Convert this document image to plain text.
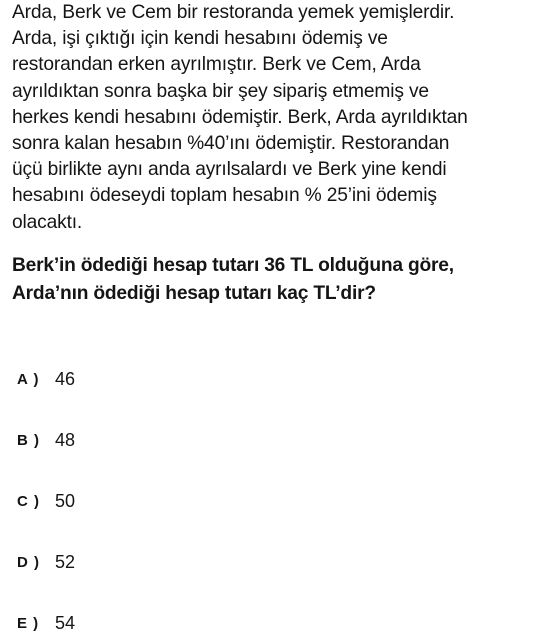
Arda, Berk ve Cem bir restoranda yemek yemişlerdir.
Arda, işi çıktığı için kendi hesabını ödemiş ve
restorandan erken ayrılmıştır. Berk ve Cem, Arda
ayrıldıktan sonra başka bir şey sipariş etmemiş ve
herkes kendi hesabını ödemiştir. Berk, Arda ayrıldıktan
sonra kalan hesabın %40’ını ödemiştir. Restorandan
üçü birlikte aynı anda ayrılsalardı ve Berk yine kendi
hesabını ödeseydi toplam hesabın % 25’ini ödemiş
olacaktı.
Berk’in ödediği hesap tutarı 36 TL olduğuna göre,
Arda’nın ödediği hesap tutarı kaç TL’dir?
A ) 46
B ) 48
C ) 50
D ) 52
E ) 54
